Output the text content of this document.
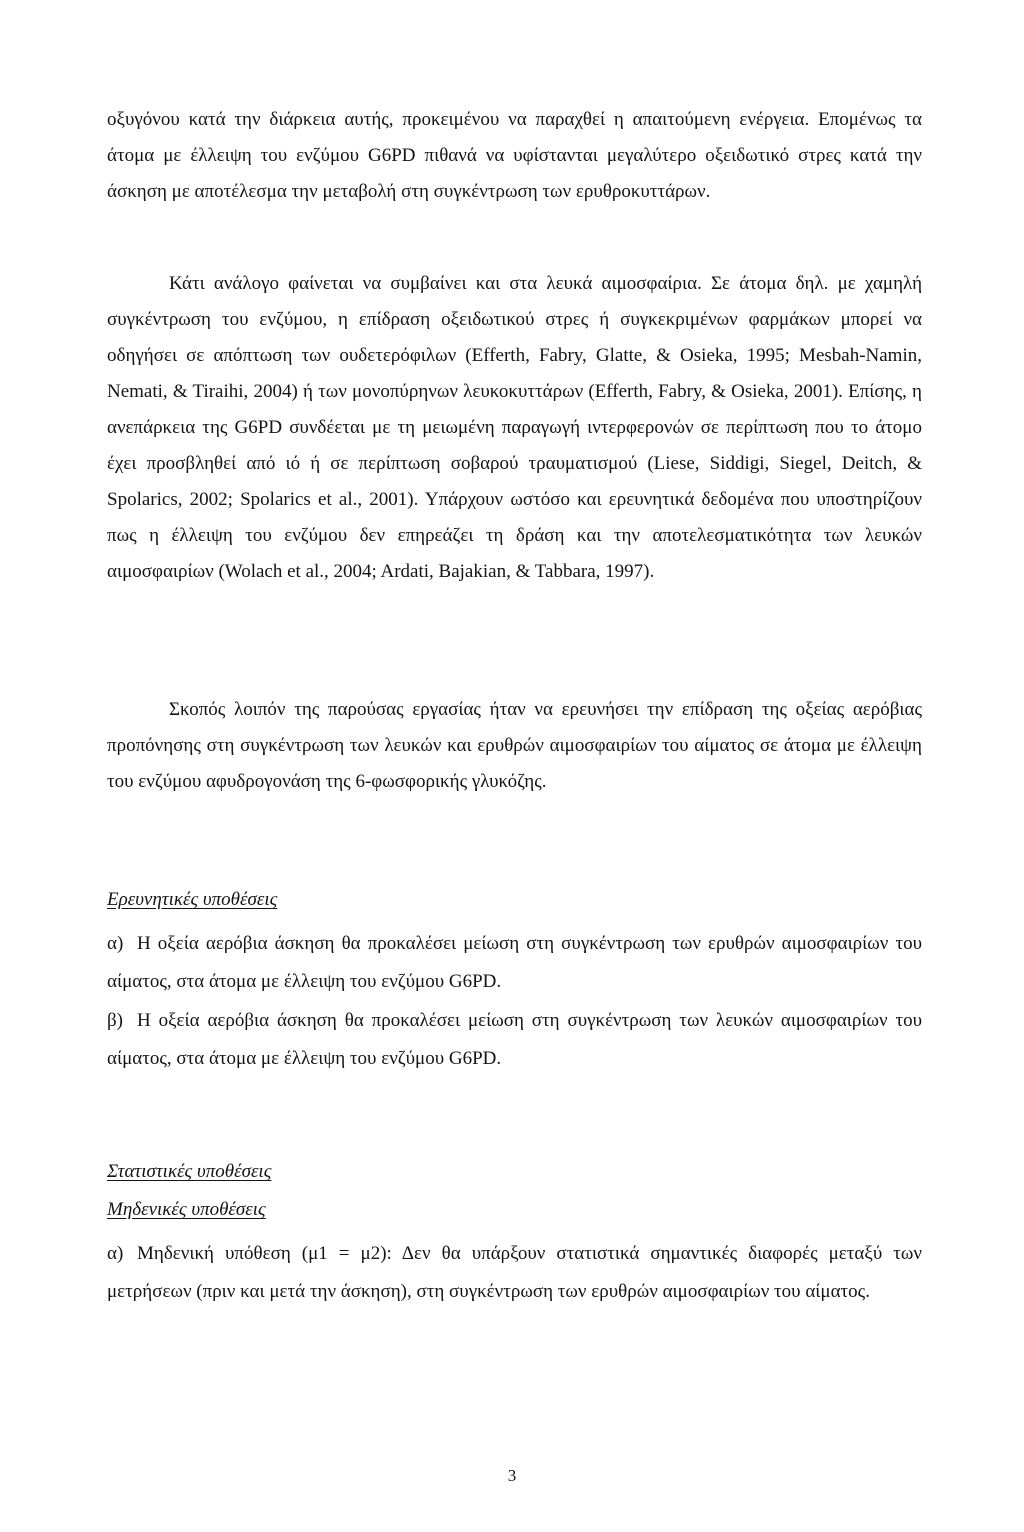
οξυγόνου κατά την διάρκεια αυτής, προκειμένου να παραχθεί η απαιτούμενη ενέργεια. Επομένως τα άτομα με έλλειψη του ενζύμου G6PD πιθανά να υφίστανται μεγαλύτερο οξειδωτικό στρες κατά την άσκηση με αποτέλεσμα την μεταβολή στη συγκέντρωση των ερυθροκυττάρων.

Κάτι ανάλογο φαίνεται να συμβαίνει και στα λευκά αιμοσφαίρια. Σε άτομα δηλ. με χαμηλή συγκέντρωση του ενζύμου, η επίδραση οξειδωτικού στρες ή συγκεκριμένων φαρμάκων μπορεί να οδηγήσει σε απόπτωση των ουδετερόφιλων (Efferth, Fabry, Glatte, & Osieka, 1995; Mesbah-Namin, Nemati, & Tiraihi, 2004) ή των μονοπύρηνων λευκοκυττάρων (Efferth, Fabry, & Osieka, 2001). Επίσης, η ανεπάρκεια της G6PD συνδέεται με τη μειωμένη παραγωγή ιντερφερονών σε περίπτωση που το άτομο έχει προσβληθεί από ιό ή σε περίπτωση σοβαρού τραυματισμού (Liese, Siddigi, Siegel, Deitch, & Spolarics, 2002; Spolarics et al., 2001). Υπάρχουν ωστόσο και ερευνητικά δεδομένα που υποστηρίζουν πως η έλλειψη του ενζύμου δεν επηρεάζει τη δράση και την αποτελεσματικότητα των λευκών αιμοσφαιρίων (Wolach et al., 2004; Ardati, Bajakian, & Tabbara, 1997).

Σκοπός λοιπόν της παρούσας εργασίας ήταν να ερευνήσει την επίδραση της οξείας αερόβιας προπόνησης στη συγκέντρωση των λευκών και ερυθρών αιμοσφαιρίων του αίματος σε άτομα με έλλειψη του ενζύμου αφυδρογονάση της 6-φωσφορικής γλυκόζης.

Ερευνητικές υποθέσεις

α) Η οξεία αερόβια άσκηση θα προκαλέσει μείωση στη συγκέντρωση των ερυθρών αιμοσφαιρίων του αίματος, στα άτομα με έλλειψη του ενζύμου G6PD.

β) Η οξεία αερόβια άσκηση θα προκαλέσει μείωση στη συγκέντρωση των λευκών αιμοσφαιρίων του αίματος, στα άτομα με έλλειψη του ενζύμου G6PD.

Στατιστικές υποθέσεις

Μηδενικές υποθέσεις

α) Μηδενική υπόθεση (μ1 = μ2): Δεν θα υπάρξουν στατιστικά σημαντικές διαφορές μεταξύ των μετρήσεων (πριν και μετά την άσκηση), στη συγκέντρωση των ερυθρών αιμοσφαιρίων του αίματος.

3
